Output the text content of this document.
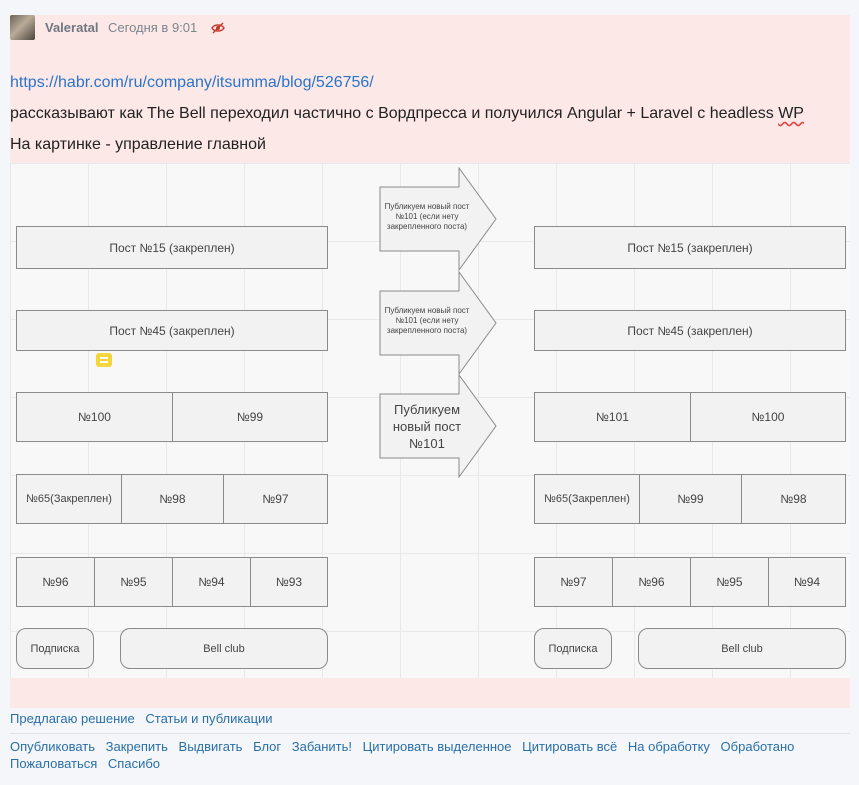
Valeratal Сегодня в 9:01
https://habr.com/ru/company/itsumma/blog/526756/
рассказывают как The Bell переходил частично с Вордпресса и получился Angular + Laravel с headless WP
На картинке - управление главной
Пост №15 (закреплен)
Пост №45 (закреплен)
№100	№99
№65(Закреплен)	№98	№97
№96	№95	№94	№93
Подписка	Bell club
Публикуем новый пост №101 (если нету закрепленного поста)
Публикуем новый пост №101 (если нету закрепленного поста)
Публикуем новый пост №101
Пост №15 (закреплен)
Пост №45 (закреплен)
№101	№100
№65(Закреплен)	№99	№98
№97	№96	№95	№94
Подписка	Bell club
Предлагаю решение Статьи и публикации
Опубликовать Закрепить Выдвигать Блог Забанить! Цитировать выделенное Цитировать всё На обработку Обработано Пожаловаться Спасибо
